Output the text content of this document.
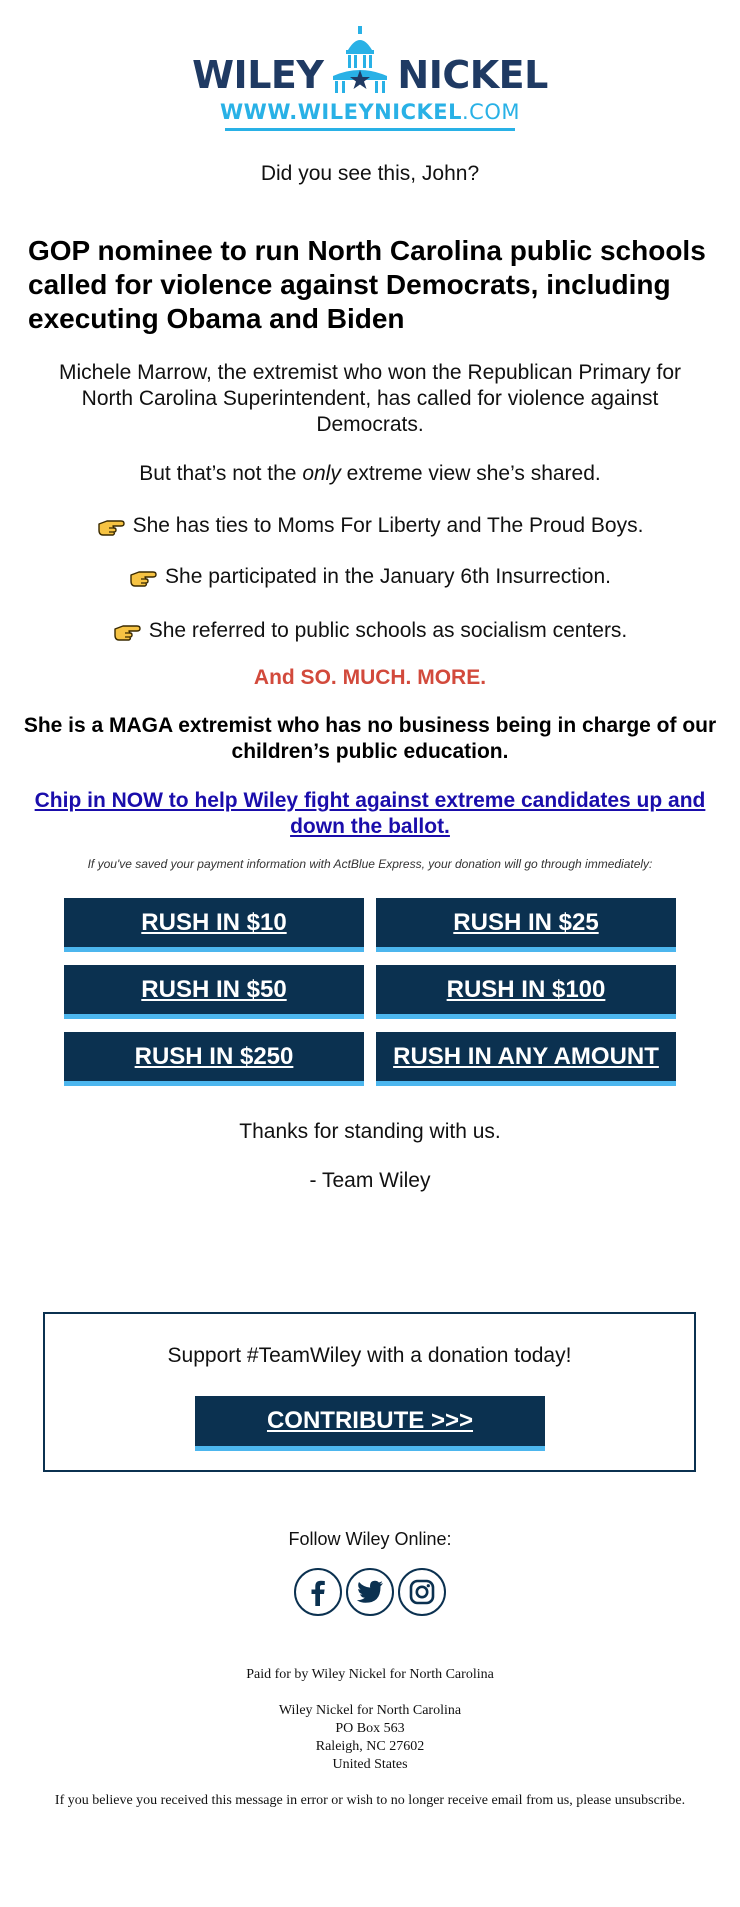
WILEY NICKEL
WWW.WILEYNICKEL.COM
Did you see this, John?
GOP nominee to run North Carolina public schools called for violence against Democrats, including executing Obama and Biden
Michele Marrow, the extremist who won the Republican Primary for North Carolina Superintendent, has called for violence against Democrats.
But that’s not the only extreme view she’s shared.
She has ties to Moms For Liberty and The Proud Boys.
She participated in the January 6th Insurrection.
She referred to public schools as socialism centers.
And SO. MUCH. MORE.
She is a MAGA extremist who has no business being in charge of our children’s public education.
Chip in NOW to help Wiley fight against extreme candidates up and down the ballot.
If you've saved your payment information with ActBlue Express, your donation will go through immediately:
RUSH IN $10	RUSH IN $25
RUSH IN $50	RUSH IN $100
RUSH IN $250	RUSH IN ANY AMOUNT
Thanks for standing with us.
- Team Wiley
Support #TeamWiley with a donation today!
CONTRIBUTE >>>
Follow Wiley Online:
Paid for by Wiley Nickel for North Carolina
Wiley Nickel for North Carolina
PO Box 563
Raleigh, NC 27602
United States
If you believe you received this message in error or wish to no longer receive email from us, please unsubscribe.
